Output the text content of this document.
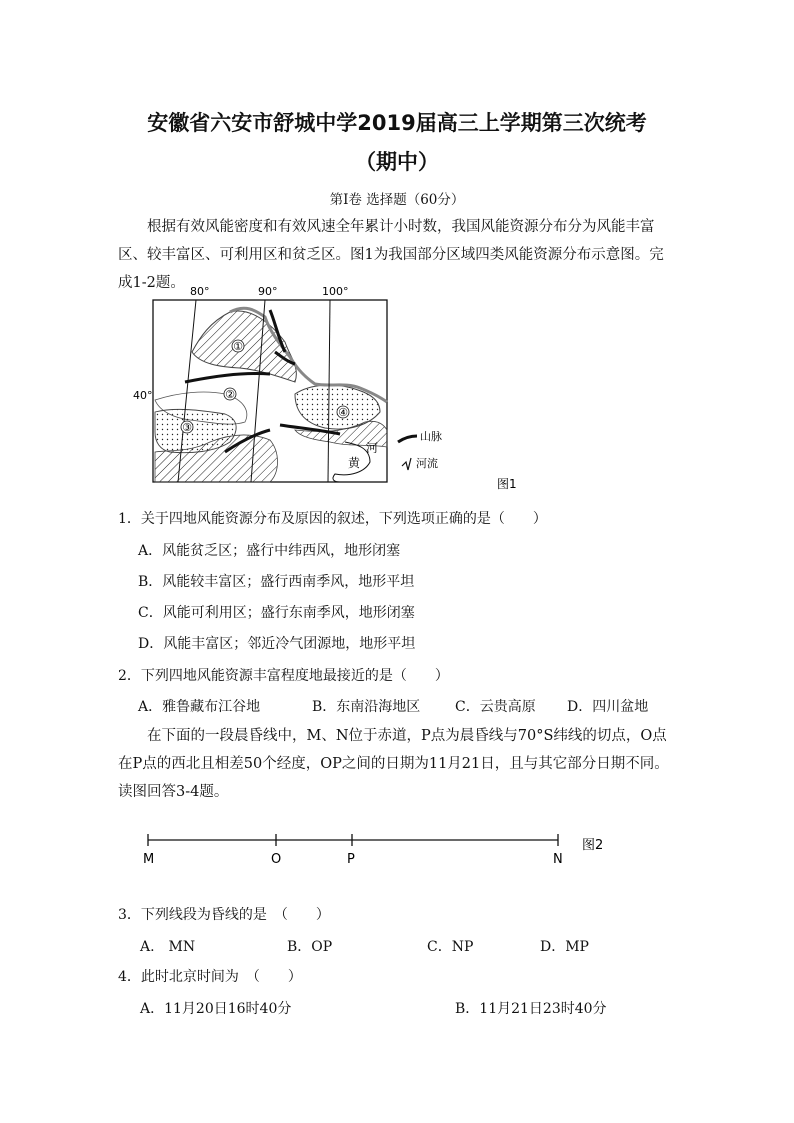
安徽省六安市舒城中学2019届高三上学期第三次统考
（期中）
第Ⅰ卷 选择题（60分）
根据有效风能密度和有效风速全年累计小时数，我国风能资源分布分为风能丰富区、较丰富区、可利用区和贫乏区。图1为我国部分区域四类风能资源分布示意图。完成1-2题。
①
②
③
④
80°	90°	100°
40°
黄
河
山脉
河流
图1
1．关于四地风能资源分布及原因的叙述，下列选项正确的是（　　）
A．风能贫乏区；盛行中纬西风，地形闭塞
B．风能较丰富区；盛行西南季风，地形平坦
C．风能可利用区；盛行东南季风，地形闭塞
D．风能丰富区；邻近冷气团源地，地形平坦
2．下列四地风能资源丰富程度地最接近的是（　　）
A．雅鲁藏布江谷地	B．东南沿海地区 C．云贵高原 D．四川盆地
在下面的一段晨昏线中，M、N位于赤道，P点为晨昏线与70°S纬线的切点，O点在P点的西北且相差50个经度，OP之间的日期为11月21日，且与其它部分日期不同。读图回答3-4题。
M	O	P	N
图2
3．下列线段为昏线的是　（　　）
A.　MN	B．OP	C．NP	D．MP
4．此时北京时间为　（　　）
A．11月20日16时40分	B．11月21日23时40分
